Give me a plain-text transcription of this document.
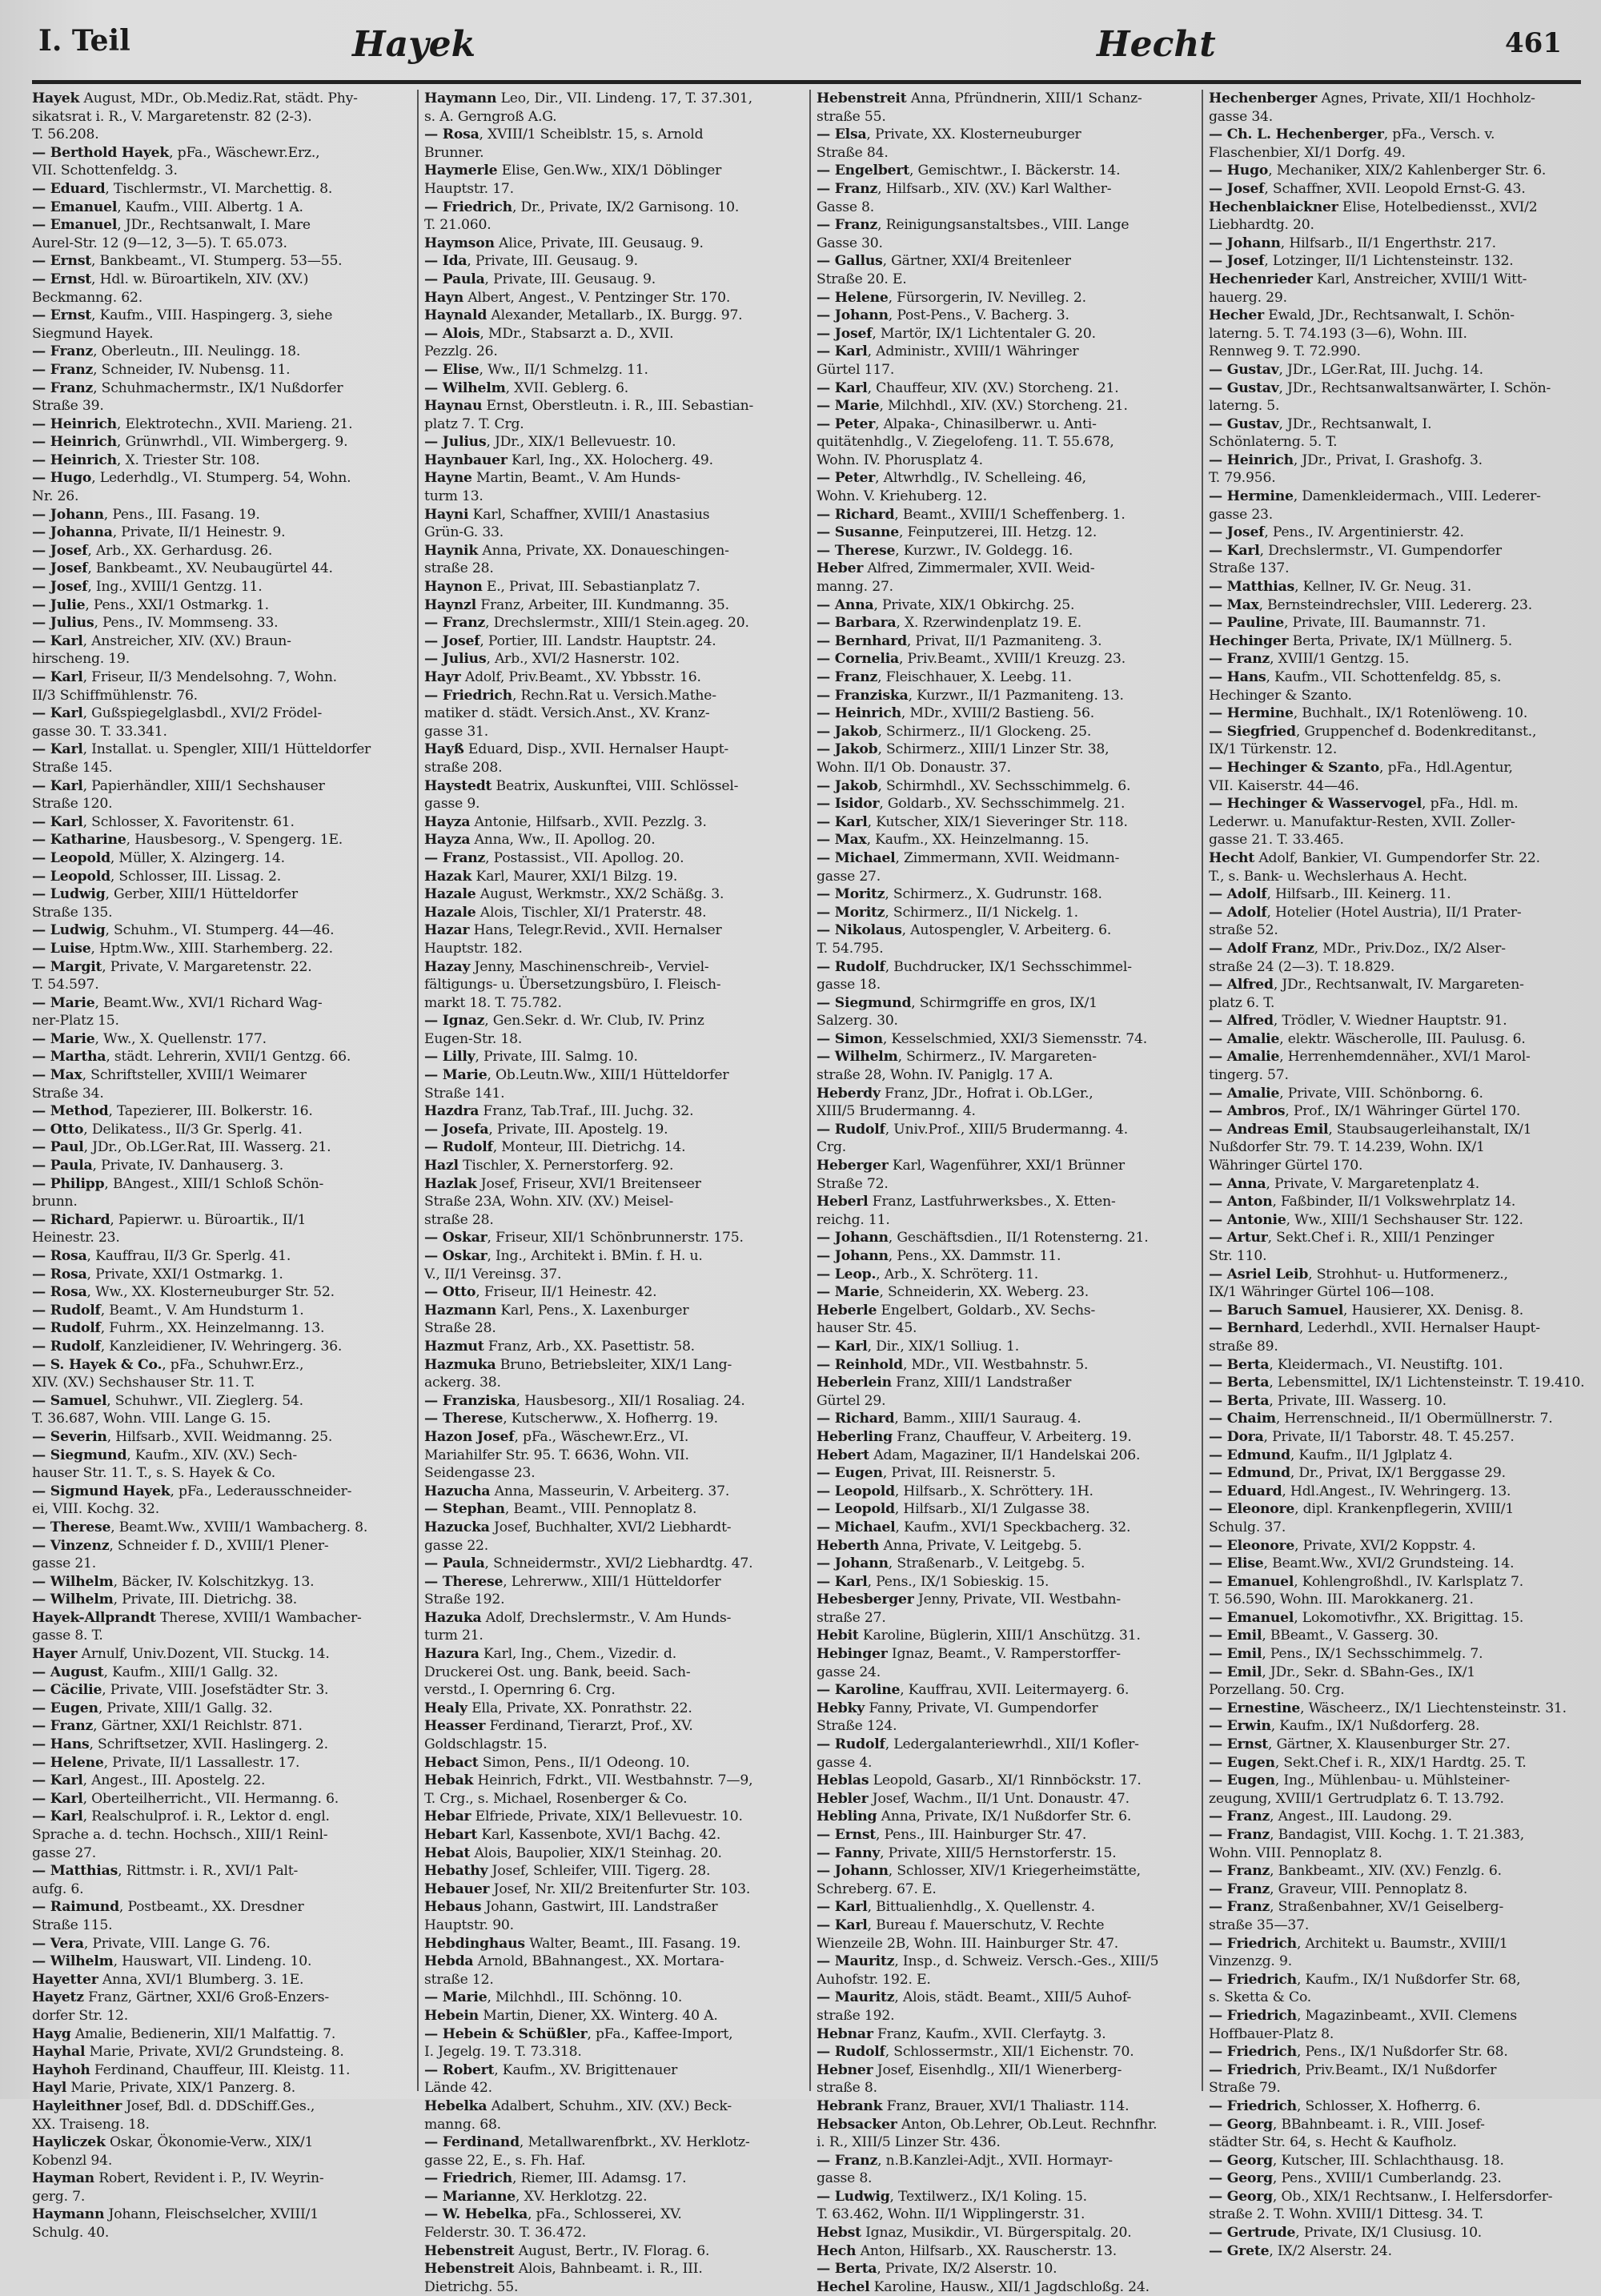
I. Teil	Hayek	Hecht	461

Hayek August, MDr., Ob.Mediz.Rat, städt. Phy-

sikatsrat i. R., V. Margaretenstr. 82 (2-3).

T. 56.208.

— Berthold Hayek, pFa., Wäschewr.Erz.,

VII. Schottenfeldg. 3.

— Eduard, Tischlermstr., VI. Marchettig. 8.

— Emanuel, Kaufm., VIII. Albertg. 1 A.

— Emanuel, JDr., Rechtsanwalt, I. Mare

Aurel-Str. 12 (9—12, 3—5). T. 65.073.

— Ernst, Bankbeamt., VI. Stumperg. 53—55.

— Ernst, Hdl. w. Büroartikeln, XIV. (XV.)

Beckmanng. 62.

— Ernst, Kaufm., VIII. Haspingerg. 3, siehe

Siegmund Hayek.

— Franz, Oberleutn., III. Neulingg. 18.

— Franz, Schneider, IV. Nubensg. 11.

— Franz, Schuhmachermstr., IX/1 Nußdorfer

Straße 39.

— Heinrich, Elektrotechn., XVII. Marieng. 21.

— Heinrich, Grünwrhdl., VII. Wimbergerg. 9.

— Heinrich, X. Triester Str. 108.

— Hugo, Lederhdlg., VI. Stumperg. 54, Wohn.

Nr. 26.

— Johann, Pens., III. Fasang. 19.

— Johanna, Private, II/1 Heinestr. 9.

— Josef, Arb., XX. Gerhardusg. 26.

— Josef, Bankbeamt., XV. Neubaugürtel 44.

— Josef, Ing., XVIII/1 Gentzg. 11.

— Julie, Pens., XXI/1 Ostmarkg. 1.

— Julius, Pens., IV. Mommseng. 33.

— Karl, Anstreicher, XIV. (XV.) Braun-

hirscheng. 19.

— Karl, Friseur, II/3 Mendelsohng. 7, Wohn.

II/3 Schiffmühlenstr. 76.

— Karl, Gußspiegelglasbdl., XVI/2 Frödel-

gasse 30. T. 33.341.

— Karl, Installat. u. Spengler, XIII/1 Hütteldorfer

Straße 145.

— Karl, Papierhändler, XIII/1 Sechshauser

Straße 120.

— Karl, Schlosser, X. Favoritenstr. 61.

— Katharine, Hausbesorg., V. Spengerg. 1E.

— Leopold, Müller, X. Alzingerg. 14.

— Leopold, Schlosser, III. Lissag. 2.

— Ludwig, Gerber, XIII/1 Hütteldorfer

Straße 135.

— Ludwig, Schuhm., VI. Stumperg. 44—46.

— Luise, Hptm.Ww., XIII. Starhemberg. 22.

— Margit, Private, V. Margaretenstr. 22.

T. 54.597.

— Marie, Beamt.Ww., XVI/1 Richard Wag-

ner-Platz 15.

— Marie, Ww., X. Quellenstr. 177.

— Martha, städt. Lehrerin, XVII/1 Gentzg. 66.

— Max, Schriftsteller, XVIII/1 Weimarer

Straße 34.

— Method, Tapezierer, III. Bolkerstr. 16.

— Otto, Delikatess., II/3 Gr. Sperlg. 41.

— Paul, JDr., Ob.LGer.Rat, III. Wasserg. 21.

— Paula, Private, IV. Danhauserg. 3.

— Philipp, BAngest., XIII/1 Schloß Schön-

brunn.

— Richard, Papierwr. u. Büroartik., II/1

Heinestr. 23.

— Rosa, Kauffrau, II/3 Gr. Sperlg. 41.

— Rosa, Private, XXI/1 Ostmarkg. 1.

— Rosa, Ww., XX. Klosterneuburger Str. 52.

— Rudolf, Beamt., V. Am Hundsturm 1.

— Rudolf, Fuhrm., XX. Heinzelmanng. 13.

— Rudolf, Kanzleidiener, IV. Wehringerg. 36.

— S. Hayek & Co., pFa., Schuhwr.Erz.,

XIV. (XV.) Sechshauser Str. 11. T.

— Samuel, Schuhwr., VII. Zieglerg. 54.

T. 36.687, Wohn. VIII. Lange G. 15.

— Severin, Hilfsarb., XVII. Weidmanng. 25.

— Siegmund, Kaufm., XIV. (XV.) Sech-

hauser Str. 11. T., s. S. Hayek & Co.

— Sigmund Hayek, pFa., Lederausschneider-

ei, VIII. Kochg. 32.

— Therese, Beamt.Ww., XVIII/1 Wambacherg. 8.

— Vinzenz, Schneider f. D., XVIII/1 Plener-

gasse 21.

— Wilhelm, Bäcker, IV. Kolschitzkyg. 13.

— Wilhelm, Private, III. Dietrichg. 38.

Hayek-Allprandt Therese, XVIII/1 Wambacher-

gasse 8. T.

Hayer Arnulf, Univ.Dozent, VII. Stuckg. 14.

— August, Kaufm., XIII/1 Gallg. 32.

— Cäcilie, Private, VIII. Josefstädter Str. 3.

— Eugen, Private, XIII/1 Gallg. 32.

— Franz, Gärtner, XXI/1 Reichlstr. 871.

— Hans, Schriftsetzer, XVII. Haslingerg. 2.

— Helene, Private, II/1 Lassallestr. 17.

— Karl, Angest., III. Apostelg. 22.

— Karl, Oberteilherricht., VII. Hermanng. 6.

— Karl, Realschulprof. i. R., Lektor d. engl.

Sprache a. d. techn. Hochsch., XIII/1 Reinl-

gasse 27.

— Matthias, Rittmstr. i. R., XVI/1 Palt-

aufg. 6.

— Raimund, Postbeamt., XX. Dresdner

Straße 115.

— Vera, Private, VIII. Lange G. 76.

— Wilhelm, Hauswart, VII. Lindeng. 10.

Hayetter Anna, XVI/1 Blumberg. 3. 1E.

Hayetz Franz, Gärtner, XXI/6 Groß-Enzers-

dorfer Str. 12.

Hayg Amalie, Bedienerin, XII/1 Malfattig. 7.

Hayhal Marie, Private, XVI/2 Grundsteing. 8.

Hayhoh Ferdinand, Chauffeur, III. Kleistg. 11.

Hayl Marie, Private, XIX/1 Panzerg. 8.

Hayleithner Josef, Bdl. d. DDSchiff.Ges.,

XX. Traiseng. 18.

Hayliczek Oskar, Ökonomie-Verw., XIX/1

Kobenzl 94.

Hayman Robert, Revident i. P., IV. Weyrin-

gerg. 7.

Haymann Johann, Fleischselcher, XVIII/1

Schulg. 40.

Haymann Leo, Dir., VII. Lindeng. 17, T. 37.301,

s. A. Gerngroß A.G.

— Rosa, XVIII/1 Scheiblstr. 15, s. Arnold

Brunner.

Haymerle Elise, Gen.Ww., XIX/1 Döblinger

Hauptstr. 17.

— Friedrich, Dr., Private, IX/2 Garnisong. 10.

T. 21.060.

Haymson Alice, Private, III. Geusaug. 9.

— Ida, Private, III. Geusaug. 9.

— Paula, Private, III. Geusaug. 9.

Hayn Albert, Angest., V. Pentzinger Str. 170.

Haynald Alexander, Metallarb., IX. Burgg. 97.

— Alois, MDr., Stabsarzt a. D., XVII.

Pezzlg. 26.

— Elise, Ww., II/1 Schmelzg. 11.

— Wilhelm, XVII. Geblerg. 6.

Haynau Ernst, Oberstleutn. i. R., III. Sebastian-

platz 7. T. Crg.

— Julius, JDr., XIX/1 Bellevuestr. 10.

Haynbauer Karl, Ing., XX. Holocherg. 49.

Hayne Martin, Beamt., V. Am Hunds-

turm 13.

Hayni Karl, Schaffner, XVIII/1 Anastasius

Grün-G. 33.

Haynik Anna, Private, XX. Donaueschingen-

straße 28.

Haynon E., Privat, III. Sebastianplatz 7.

Haynzl Franz, Arbeiter, III. Kundmanng. 35.

— Franz, Drechslermstr., XIII/1 Stein.ageg. 20.

— Josef, Portier, III. Landstr. Hauptstr. 24.

— Julius, Arb., XVI/2 Hasnerstr. 102.

Hayr Adolf, Priv.Beamt., XV. Ybbsstr. 16.

— Friedrich, Rechn.Rat u. Versich.Mathe-

matiker d. städt. Versich.Anst., XV. Kranz-

gasse 31.

Hayß Eduard, Disp., XVII. Hernalser Haupt-

straße 208.

Haystedt Beatrix, Auskunftei, VIII. Schlössel-

gasse 9.

Hayza Antonie, Hilfsarb., XVII. Pezzlg. 3.

Hayza Anna, Ww., II. Apollog. 20.

— Franz, Postassist., VII. Apollog. 20.

Hazak Karl, Maurer, XXI/1 Bilzg. 19.

Hazale August, Werkmstr., XX/2 Schäßg. 3.

Hazale Alois, Tischler, XI/1 Praterstr. 48.

Hazar Hans, Telegr.Revid., XVII. Hernalser

Hauptstr. 182.

Hazay Jenny, Maschinenschreib-, Verviel-

fältigungs- u. Übersetzungsbüro, I. Fleisch-

markt 18. T. 75.782.

— Ignaz, Gen.Sekr. d. Wr. Club, IV. Prinz

Eugen-Str. 18.

— Lilly, Private, III. Salmg. 10.

— Marie, Ob.Leutn.Ww., XIII/1 Hütteldorfer

Straße 141.

Hazdra Franz, Tab.Traf., III. Juchg. 32.

— Josefa, Private, III. Apostelg. 19.

— Rudolf, Monteur, III. Dietrichg. 14.

Hazl Tischler, X. Pernerstorferg. 92.

Hazlak Josef, Friseur, XVI/1 Breitenseer

Straße 23A, Wohn. XIV. (XV.) Meisel-

straße 28.

— Oskar, Friseur, XII/1 Schönbrunnerstr. 175.

— Oskar, Ing., Architekt i. BMin. f. H. u.

V., II/1 Vereinsg. 37.

— Otto, Friseur, II/1 Heinestr. 42.

Hazmann Karl, Pens., X. Laxenburger

Straße 28.

Hazmut Franz, Arb., XX. Pasettistr. 58.

Hazmuka Bruno, Betriebsleiter, XIX/1 Lang-

ackerg. 38.

— Franziska, Hausbesorg., XII/1 Rosaliag. 24.

— Therese, Kutscherww., X. Hofherrg. 19.

Hazon Josef, pFa., Wäschewr.Erz., VI.

Mariahilfer Str. 95. T. 6636, Wohn. VII.

Seidengasse 23.

Hazucha Anna, Masseurin, V. Arbeiterg. 37.

— Stephan, Beamt., VIII. Pennoplatz 8.

Hazucka Josef, Buchhalter, XVI/2 Liebhardt-

gasse 22.

— Paula, Schneidermstr., XVI/2 Liebhardtg. 47.

— Therese, Lehrerww., XIII/1 Hütteldorfer

Straße 192.

Hazuka Adolf, Drechslermstr., V. Am Hunds-

turm 21.

Hazura Karl, Ing., Chem., Vizedir. d.

Druckerei Ost. ung. Bank, beeid. Sach-

verstd., I. Opernring 6. Crg.

Healy Ella, Private, XX. Ponrathstr. 22.

Heasser Ferdinand, Tierarzt, Prof., XV.

Goldschlagstr. 15.

Hebact Simon, Pens., II/1 Odeong. 10.

Hebak Heinrich, Fdrkt., VII. Westbahnstr. 7—9,

T. Crg., s. Michael, Rosenberger & Co.

Hebar Elfriede, Private, XIX/1 Bellevuestr. 10.

Hebart Karl, Kassenbote, XVI/1 Bachg. 42.

Hebat Alois, Baupolier, XIX/1 Steinhag. 20.

Hebathy Josef, Schleifer, VIII. Tigerg. 28.

Hebauer Josef, Nr. XII/2 Breitenfurter Str. 103.

Hebaus Johann, Gastwirt, III. Landstraßer

Hauptstr. 90.

Hebdinghaus Walter, Beamt., III. Fasang. 19.

Hebda Arnold, BBahnangest., XX. Mortara-

straße 12.

— Marie, Milchhdl., III. Schönng. 10.

Hebein Martin, Diener, XX. Winterg. 40 A.

— Hebein & Schüßler, pFa., Kaffee-Import,

I. Jegelg. 19. T. 73.318.

— Robert, Kaufm., XV. Brigittenauer

Lände 42.

Hebelka Adalbert, Schuhm., XIV. (XV.) Beck-

manng. 68.

— Ferdinand, Metallwarenfbrkt., XV. Herklotz-

gasse 22, E., s. Fh. Haf.

— Friedrich, Riemer, III. Adamsg. 17.

— Marianne, XV. Herklotzg. 22.

— W. Hebelka, pFa., Schlosserei, XV.

Felderstr. 30. T. 36.472.

Hebenstreit August, Bertr., IV. Florag. 6.

Hebenstreit Alois, Bahnbeamt. i. R., III.

Dietrichg. 55.

Hebenstreit Anna, Pfründnerin, XIII/1 Schanz-

straße 55.

— Elsa, Private, XX. Klosterneuburger

Straße 84.

— Engelbert, Gemischtwr., I. Bäckerstr. 14.

— Franz, Hilfsarb., XIV. (XV.) Karl Walther-

Gasse 8.

— Franz, Reinigungsanstaltsbes., VIII. Lange

Gasse 30.

— Gallus, Gärtner, XXI/4 Breitenleer

Straße 20. E.

— Helene, Fürsorgerin, IV. Nevilleg. 2.

— Johann, Post-Pens., V. Bacherg. 3.

— Josef, Martör, IX/1 Lichtentaler G. 20.

— Karl, Administr., XVIII/1 Währinger

Gürtel 117.

— Karl, Chauffeur, XIV. (XV.) Storcheng. 21.

— Marie, Milchhdl., XIV. (XV.) Storcheng. 21.

— Peter, Alpaka-, Chinasilberwr. u. Anti-

quitätenhdlg., V. Ziegelofeng. 11. T. 55.678,

Wohn. IV. Phorusplatz 4.

— Peter, Altwrhdlg., IV. Schelleing. 46,

Wohn. V. Kriehuberg. 12.

— Richard, Beamt., XVIII/1 Scheffenberg. 1.

— Susanne, Feinputzerei, III. Hetzg. 12.

— Therese, Kurzwr., IV. Goldegg. 16.

Heber Alfred, Zimmermaler, XVII. Weid-

manng. 27.

— Anna, Private, XIX/1 Obkirchg. 25.

— Barbara, X. Rzerwindenplatz 19. E.

— Bernhard, Privat, II/1 Pazmaniteng. 3.

— Cornelia, Priv.Beamt., XVIII/1 Kreuzg. 23.

— Franz, Fleischhauer, X. Leebg. 11.

— Franziska, Kurzwr., II/1 Pazmaniteng. 13.

— Heinrich, MDr., XVIII/2 Bastieng. 56.

— Jakob, Schirmerz., II/1 Glockeng. 25.

— Jakob, Schirmerz., XIII/1 Linzer Str. 38,

Wohn. II/1 Ob. Donaustr. 37.

— Jakob, Schirmhdl., XV. Sechsschimmelg. 6.

— Isidor, Goldarb., XV. Sechsschimmelg. 21.

— Karl, Kutscher, XIX/1 Sieveringer Str. 118.

— Max, Kaufm., XX. Heinzelmanng. 15.

— Michael, Zimmermann, XVII. Weidmann-

gasse 27.

— Moritz, Schirmerz., X. Gudrunstr. 168.

— Moritz, Schirmerz., II/1 Nickelg. 1.

— Nikolaus, Autospengler, V. Arbeiterg. 6.

T. 54.795.

— Rudolf, Buchdrucker, IX/1 Sechsschimmel-

gasse 18.

— Siegmund, Schirmgriffe en gros, IX/1

Salzerg. 30.

— Simon, Kesselschmied, XXI/3 Siemensstr. 74.

— Wilhelm, Schirmerz., IV. Margareten-

straße 28, Wohn. IV. Paniglg. 17 A.

Heberdy Franz, JDr., Hofrat i. Ob.LGer.,

XIII/5 Brudermanng. 4.

— Rudolf, Univ.Prof., XIII/5 Brudermanng. 4.

Crg.

Heberger Karl, Wagenführer, XXI/1 Brünner

Straße 72.

Heberl Franz, Lastfuhrwerksbes., X. Etten-

reichg. 11.

— Johann, Geschäftsdien., II/1 Rotensterng. 21.

— Johann, Pens., XX. Dammstr. 11.

— Leop., Arb., X. Schröterg. 11.

— Marie, Schneiderin, XX. Weberg. 23.

Heberle Engelbert, Goldarb., XV. Sechs-

hauser Str. 45.

— Karl, Dir., XIX/1 Solliug. 1.

— Reinhold, MDr., VII. Westbahnstr. 5.

Heberlein Franz, XIII/1 Landstraßer

Gürtel 29.

— Richard, Bamm., XIII/1 Sauraug. 4.

Heberling Franz, Chauffeur, V. Arbeiterg. 19.

Hebert Adam, Magaziner, II/1 Handelskai 206.

— Eugen, Privat, III. Reisnerstr. 5.

— Leopold, Hilfsarb., X. Schröttery. 1H.

— Leopold, Hilfsarb., XI/1 Zulgasse 38.

— Michael, Kaufm., XVI/1 Speckbacherg. 32.

Heberth Anna, Private, V. Leitgebg. 5.

— Johann, Straßenarb., V. Leitgebg. 5.

— Karl, Pens., IX/1 Sobieskig. 15.

Hebesberger Jenny, Private, VII. Westbahn-

straße 27.

Hebit Karoline, Büglerin, XIII/1 Anschützg. 31.

Hebinger Ignaz, Beamt., V. Ramperstorffer-

gasse 24.

— Karoline, Kauffrau, XVII. Leitermayerg. 6.

Hebky Fanny, Private, VI. Gumpendorfer

Straße 124.

— Rudolf, Ledergalanteriewrhdl., XII/1 Kofler-

gasse 4.

Heblas Leopold, Gasarb., XI/1 Rinnböckstr. 17.

Hebler Josef, Wachm., II/1 Unt. Donaustr. 47.

Hebling Anna, Private, IX/1 Nußdorfer Str. 6.

— Ernst, Pens., III. Hainburger Str. 47.

— Fanny, Private, XIII/5 Hernstorferstr. 15.

— Johann, Schlosser, XIV/1 Kriegerheimstätte,

Schreberg. 67. E.

— Karl, Bittualienhdlg., X. Quellenstr. 4.

— Karl, Bureau f. Mauerschutz, V. Rechte

Wienzeile 2B, Wohn. III. Hainburger Str. 47.

— Mauritz, Insp., d. Schweiz. Versch.-Ges., XIII/5

Auhofstr. 192. E.

— Mauritz, Alois, städt. Beamt., XIII/5 Auhof-

straße 192.

Hebnar Franz, Kaufm., XVII. Clerfaytg. 3.

— Rudolf, Schlossermstr., XII/1 Eichenstr. 70.

Hebner Josef, Eisenhdlg., XII/1 Wienerberg-

straße 8.

Hebrank Franz, Brauer, XVI/1 Thaliastr. 114.

Hebsacker Anton, Ob.Lehrer, Ob.Leut. Rechnfhr.

i. R., XIII/5 Linzer Str. 436.

— Franz, n.B.Kanzlei-Adjt., XVII. Hormayr-

gasse 8.

— Ludwig, Textilwerz., IX/1 Koling. 15.

T. 63.462, Wohn. II/1 Wipplingerstr. 31.

Hebst Ignaz, Musikdir., VI. Bürgerspitalg. 20.

Hech Anton, Hilfsarb., XX. Rauscherstr. 13.

— Berta, Private, IX/2 Alserstr. 10.

Hechel Karoline, Hausw., XII/1 Jagdschloßg. 24.

Hechenberger Agnes, Private, XII/1 Hochholz-

gasse 34.

— Ch. L. Hechenberger, pFa., Versch. v.

Flaschenbier, XI/1 Dorfg. 49.

— Hugo, Mechaniker, XIX/2 Kahlenberger Str. 6.

— Josef, Schaffner, XVII. Leopold Ernst-G. 43.

Hechenblaickner Elise, Hotelbediensst., XVI/2

Liebhardtg. 20.

— Johann, Hilfsarb., II/1 Engerthstr. 217.

— Josef, Lotzinger, II/1 Lichtensteinstr. 132.

Hechenrieder Karl, Anstreicher, XVIII/1 Witt-

hauerg. 29.

Hecher Ewald, JDr., Rechtsanwalt, I. Schön-

laterng. 5. T. 74.193 (3—6), Wohn. III.

Rennweg 9. T. 72.990.

— Gustav, JDr., LGer.Rat, III. Juchg. 14.

— Gustav, JDr., Rechtsanwaltsanwärter, I. Schön-

laterng. 5.

— Gustav, JDr., Rechtsanwalt, I.

Schönlaterng. 5. T.

— Heinrich, JDr., Privat, I. Grashofg. 3.

T. 79.956.

— Hermine, Damenkleidermach., VIII. Lederer-

gasse 23.

— Josef, Pens., IV. Argentinierstr. 42.

— Karl, Drechslermstr., VI. Gumpendorfer

Straße 137.

— Matthias, Kellner, IV. Gr. Neug. 31.

— Max, Bernsteindrechsler, VIII. Ledererg. 23.

— Pauline, Private, III. Baumannstr. 71.

Hechinger Berta, Private, IX/1 Müllnerg. 5.

— Franz, XVIII/1 Gentzg. 15.

— Hans, Kaufm., VII. Schottenfeldg. 85, s.

Hechinger & Szanto.

— Hermine, Buchhalt., IX/1 Rotenlöweng. 10.

— Siegfried, Gruppenchef d. Bodenkreditanst.,

IX/1 Türkenstr. 12.

— Hechinger & Szanto, pFa., Hdl.Agentur,

VII. Kaiserstr. 44—46.

— Hechinger & Wasservogel, pFa., Hdl. m.

Lederwr. u. Manufaktur-Resten, XVII. Zoller-

gasse 21. T. 33.465.

Hecht Adolf, Bankier, VI. Gumpendorfer Str. 22.

T., s. Bank- u. Wechslerhaus A. Hecht.

— Adolf, Hilfsarb., III. Keinerg. 11.

— Adolf, Hotelier (Hotel Austria), II/1 Prater-

straße 52.

— Adolf Franz, MDr., Priv.Doz., IX/2 Alser-

straße 24 (2—3). T. 18.829.

— Alfred, JDr., Rechtsanwalt, IV. Margareten-

platz 6. T.

— Alfred, Trödler, V. Wiedner Hauptstr. 91.

— Amalie, elektr. Wäscherolle, III. Paulusg. 6.

— Amalie, Herrenhemdennäher., XVI/1 Marol-

tingerg. 57.

— Amalie, Private, VIII. Schönborng. 6.

— Ambros, Prof., IX/1 Währinger Gürtel 170.

— Andreas Emil, Staubsaugerleihanstalt, IX/1

Nußdorfer Str. 79. T. 14.239, Wohn. IX/1

Währinger Gürtel 170.

— Anna, Private, V. Margaretenplatz 4.

— Anton, Faßbinder, II/1 Volkswehrplatz 14.

— Antonie, Ww., XIII/1 Sechshauser Str. 122.

— Artur, Sekt.Chef i. R., XIII/1 Penzinger

Str. 110.

— Asriel Leib, Strohhut- u. Hutformenerz.,

IX/1 Währinger Gürtel 106—108.

— Baruch Samuel, Hausierer, XX. Denisg. 8.

— Bernhard, Lederhdl., XVII. Hernalser Haupt-

straße 89.

— Berta, Kleidermach., VI. Neustiftg. 101.

— Berta, Lebensmittel, IX/1 Lichtensteinstr. T. 19.410.

— Berta, Private, III. Wasserg. 10.

— Chaim, Herrenschneid., II/1 Obermüllnerstr. 7.

— Dora, Private, II/1 Taborstr. 48. T. 45.257.

— Edmund, Kaufm., II/1 Jglplatz 4.

— Edmund, Dr., Privat, IX/1 Berggasse 29.

— Eduard, Hdl.Angest., IV. Wehringerg. 13.

— Eleonore, dipl. Krankenpflegerin, XVIII/1

Schulg. 37.

— Eleonore, Private, XVI/2 Koppstr. 4.

— Elise, Beamt.Ww., XVI/2 Grundsteing. 14.

— Emanuel, Kohlengroßhdl., IV. Karlsplatz 7.

T. 56.590, Wohn. III. Marokkanerg. 21.

— Emanuel, Lokomotivfhr., XX. Brigittag. 15.

— Emil, BBeamt., V. Gasserg. 30.

— Emil, Pens., IX/1 Sechsschimmelg. 7.

— Emil, JDr., Sekr. d. SBahn-Ges., IX/1

Porzellang. 50. Crg.

— Ernestine, Wäscheerz., IX/1 Liechtensteinstr. 31.

— Erwin, Kaufm., IX/1 Nußdorferg. 28.

— Ernst, Gärtner, X. Klausenburger Str. 27.

— Eugen, Sekt.Chef i. R., XIX/1 Hardtg. 25. T.

— Eugen, Ing., Mühlenbau- u. Mühlsteiner-

zeugung, XVIII/1 Gertrudplatz 6. T. 13.792.

— Franz, Angest., III. Laudong. 29.

— Franz, Bandagist, VIII. Kochg. 1. T. 21.383,

Wohn. VIII. Pennoplatz 8.

— Franz, Bankbeamt., XIV. (XV.) Fenzlg. 6.

— Franz, Graveur, VIII. Pennoplatz 8.

— Franz, Straßenbahner, XV/1 Geiselberg-

straße 35—37.

— Friedrich, Architekt u. Baumstr., XVIII/1

Vinzenzg. 9.

— Friedrich, Kaufm., IX/1 Nußdorfer Str. 68,

s. Sketta & Co.

— Friedrich, Magazinbeamt., XVII. Clemens

Hoffbauer-Platz 8.

— Friedrich, Pens., IX/1 Nußdorfer Str. 68.

— Friedrich, Priv.Beamt., IX/1 Nußdorfer

Straße 79.

— Friedrich, Schlosser, X. Hofherrg. 6.

— Georg, BBahnbeamt. i. R., VIII. Josef-

städter Str. 64, s. Hecht & Kaufholz.

— Georg, Kutscher, III. Schlachthausg. 18.

— Georg, Pens., XVIII/1 Cumberlandg. 23.

— Georg, Ob., XIX/1 Rechtsanw., I. Helfersdorfer-

straße 2. T. Wohn. XVIII/1 Dittesg. 34. T.

— Gertrude, Private, IX/1 Clusiusg. 10.

— Grete, IX/2 Alserstr. 24.
